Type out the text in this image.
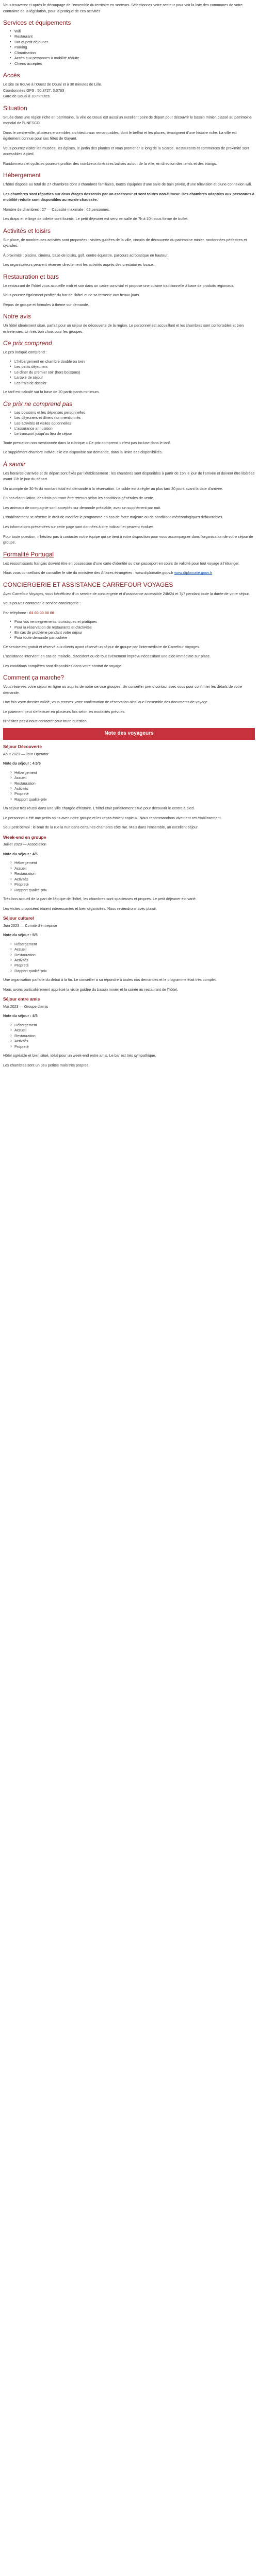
Vous trouverez ci-après le découpage de l'ensemble du territoire en secteurs. Sélectionnez votre secteur pour voir la liste des communes de votre contrainte de la législation, pour la pratique de ces activités

Services et équipements
▪ Wifi
▪ Restaurant
▪ Bar et petit déjeuner
▪ Parking
▪ Climatisation
▪ Accès aux personnes à mobilité réduite
▪ Chiens acceptés
Accès

Le site se trouve à l'Ouest de Douai et à 30 minutes de Lille.
Coordonnées GPS : 50.3727, 3.0763
Gare de Douai à 10 minutes.

Situation

Située dans une région riche en patrimoine, la ville de Douai est aussi un excellent point de départ pour découvrir le bassin minier, classé au patrimoine mondial de l'UNESCO.

Dans le centre-ville, plusieurs ensembles architecturaux remarquables, dont le beffroi et les places, témoignent d'une histoire riche. La ville est également connue pour ses fêtes de Gayant.

Vous pourrez visiter les musées, les églises, le jardin des plantes et vous promener le long de la Scarpe. Restaurants et commerces de proximité sont accessibles à pied.

Randonneurs et cyclistes pourront profiter des nombreux itinéraires balisés autour de la ville, en direction des terrils et des étangs.

Hébergement

L'hôtel dispose au total de 27 chambres dont 3 chambres familiales, toutes équipées d'une salle de bain privée, d'une télévision et d'une connexion wifi.

Les chambres sont réparties sur deux étages desservis par un ascenseur et sont toutes non-fumeur. Des chambres adaptées aux personnes à mobilité réduite sont disponibles au rez-de-chaussée.

Nombre de chambres : 27 — Capacité maximale : 62 personnes.

Les draps et le linge de toilette sont fournis. Le petit déjeuner est servi en salle de 7h à 10h sous forme de buffet.

Activités et loisirs

Sur place, de nombreuses activités sont proposées : visites guidées de la ville, circuits de découverte du patrimoine minier, randonnées pédestres et cyclistes.

À proximité : piscine, cinéma, base de loisirs, golf, centre équestre, parcours acrobatique en hauteur.

Les organisateurs peuvent réserver directement les activités auprès des prestataires locaux.

Restauration et bars

Le restaurant de l'hôtel vous accueille midi et soir dans un cadre convivial et propose une cuisine traditionnelle à base de produits régionaux.

Vous pourrez également profiter du bar de l'hôtel et de sa terrasse aux beaux jours.

Repas de groupe et formules à thème sur demande.

Notre avis

Un hôtel idéalement situé, parfait pour un séjour de découverte de la région. Le personnel est accueillant et les chambres sont confortables et bien entretenues. Un très bon choix pour les groupes.

Ce prix comprend

Le prix indiqué comprend :

▪ L'hébergement en chambre double ou twin
▪ Les petits déjeuners
▪ Le dîner du premier soir (hors boissons)
▪ La taxe de séjour
▪ Les frais de dossier

Le tarif est calculé sur la base de 20 participants minimum.

Ce prix ne comprend pas
▪ Les boissons et les dépenses personnelles
▪ Les déjeuners et dîners non mentionnés
▪ Les activités et visites optionnelles
▪ L'assurance annulation
▪ Le transport jusqu'au lieu de séjour

Toute prestation non mentionnée dans la rubrique « Ce prix comprend » n'est pas incluse dans le tarif.

Le supplément chambre individuelle est disponible sur demande, dans la limite des disponibilités.

À savoir

Les horaires d'arrivée et de départ sont fixés par l'établissement : les chambres sont disponibles à partir de 15h le jour de l'arrivée et doivent être libérées avant 11h le jour du départ.

Un acompte de 30 % du montant total est demandé à la réservation. Le solde est à régler au plus tard 30 jours avant la date d'arrivée.

En cas d'annulation, des frais pourront être retenus selon les conditions générales de vente.

Les animaux de compagnie sont acceptés sur demande préalable, avec un supplément par nuit.

L'établissement se réserve le droit de modifier le programme en cas de force majeure ou de conditions météorologiques défavorables.

Les informations présentées sur cette page sont données à titre indicatif et peuvent évoluer.

Pour toute question, n'hésitez pas à contacter notre équipe qui se tient à votre disposition pour vous accompagner dans l'organisation de votre séjour de groupe.

Formalité Portugal

Les ressortissants français doivent être en possession d'une carte d'identité ou d'un passeport en cours de validité pour tout voyage à l'étranger.

Nous vous conseillons de consulter le site du ministère des Affaires étrangères : www.diplomatie.gouv.fr www.diplomatie.gouv.fr

CONCIERGERIE ET ASSISTANCE CARREFOUR VOYAGES

Avec Carrefour Voyages, vous bénéficiez d'un service de conciergerie et d'assistance accessible 24h/24 et 7j/7 pendant toute la durée de votre séjour.

Vous pouvez contacter le service conciergerie :

Par téléphone : 01 00 00 00 00

▪ Pour vos renseignements touristiques et pratiques
▪ Pour la réservation de restaurants et d'activités
▪ En cas de problème pendant votre séjour
▪ Pour toute demande particulière

Ce service est gratuit et réservé aux clients ayant réservé un séjour de groupe par l'intermédiaire de Carrefour Voyages.

L'assistance intervient en cas de maladie, d'accident ou de tout événement imprévu nécessitant une aide immédiate sur place.

Les conditions complètes sont disponibles dans votre contrat de voyage.

Comment ça marche?

Vous réservez votre séjour en ligne ou auprès de notre service groupes. Un conseiller prend contact avec vous pour confirmer les détails de votre demande.

Une fois votre dossier validé, vous recevez votre confirmation de réservation ainsi que l'ensemble des documents de voyage.

Le paiement peut s'effectuer en plusieurs fois selon les modalités prévues.

N'hésitez pas à nous contacter pour toute question.

Note des voyageurs
Séjour Découverte

Aout 2023 — Tour Operator

Note du séjour : 4.5/5

○ Hébergement
○ Accueil
○ Restauration
○ Activités
○ Propreté
○ Rapport qualité-prix

Un séjour très réussi dans une ville chargée d'histoire. L'hôtel était parfaitement situé pour découvrir le centre à pied.

Le personnel a été aux petits soins avec notre groupe et les repas étaient copieux. Nous recommandons vivement cet établissement.

Seul petit bémol : le bruit de la rue la nuit dans certaines chambres côté rue. Mais dans l'ensemble, un excellent séjour.

Week-end en groupe

Juillet 2023 — Association

Note du séjour : 4/5

○ Hébergement
○ Accueil
○ Restauration
○ Activités
○ Propreté
○ Rapport qualité-prix

Très bon accueil de la part de l'équipe de l'hôtel, les chambres sont spacieuses et propres. Le petit déjeuner est varié.

Les visites proposées étaient intéressantes et bien organisées. Nous reviendrons avec plaisir.

Séjour culturel

Juin 2023 — Comité d'entreprise

Note du séjour : 5/5

○ Hébergement
○ Accueil
○ Restauration
○ Activités
○ Propreté
○ Rapport qualité-prix

Une organisation parfaite du début à la fin. Le conseiller a su répondre à toutes nos demandes et le programme était très complet.

Nous avons particulièrement apprécié la visite guidée du bassin minier et la soirée au restaurant de l'hôtel.

Séjour entre amis

Mai 2023 — Groupe d'amis

Note du séjour : 4/5

○ Hébergement
○ Accueil
○ Restauration
○ Activités
○ Propreté

Hôtel agréable et bien situé, idéal pour un week-end entre amis. Le bar est très sympathique.

Les chambres sont un peu petites mais très propres.
